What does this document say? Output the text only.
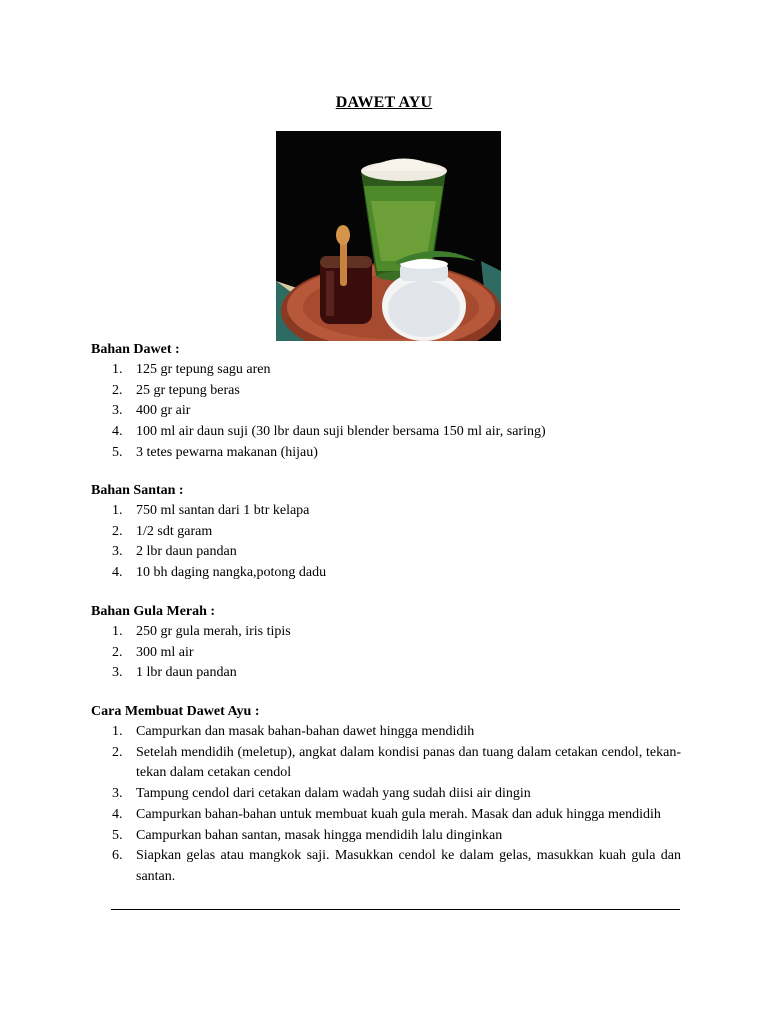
DAWET AYU
Bahan Dawet :
1. 125 gr tepung sagu aren
2. 25 gr tepung beras
3. 400 gr air
4. 100 ml air daun suji (30 lbr daun suji blender bersama 150 ml air, saring)
5. 3 tetes pewarna makanan (hijau)
Bahan Santan :
1. 750 ml santan dari 1 btr kelapa
2. 1/2 sdt garam
3. 2 lbr daun pandan
4. 10 bh daging nangka,potong dadu
Bahan Gula Merah :
1. 250 gr gula merah, iris tipis
2. 300 ml air
3. 1 lbr daun pandan
Cara Membuat Dawet Ayu :
1. Campurkan dan masak bahan-bahan dawet hingga mendidih
2. Setelah mendidih (meletup), angkat dalam kondisi panas dan tuang dalam cetakan cendol, tekan-tekan dalam cetakan cendol
3. Tampung cendol dari cetakan dalam wadah yang sudah diisi air dingin
4. Campurkan bahan-bahan untuk membuat kuah gula merah. Masak dan aduk hingga mendidih
5. Campurkan bahan santan, masak hingga mendidih lalu dinginkan
6. Siapkan gelas atau mangkok saji. Masukkan cendol ke dalam gelas, masukkan kuah gula dan santan.
